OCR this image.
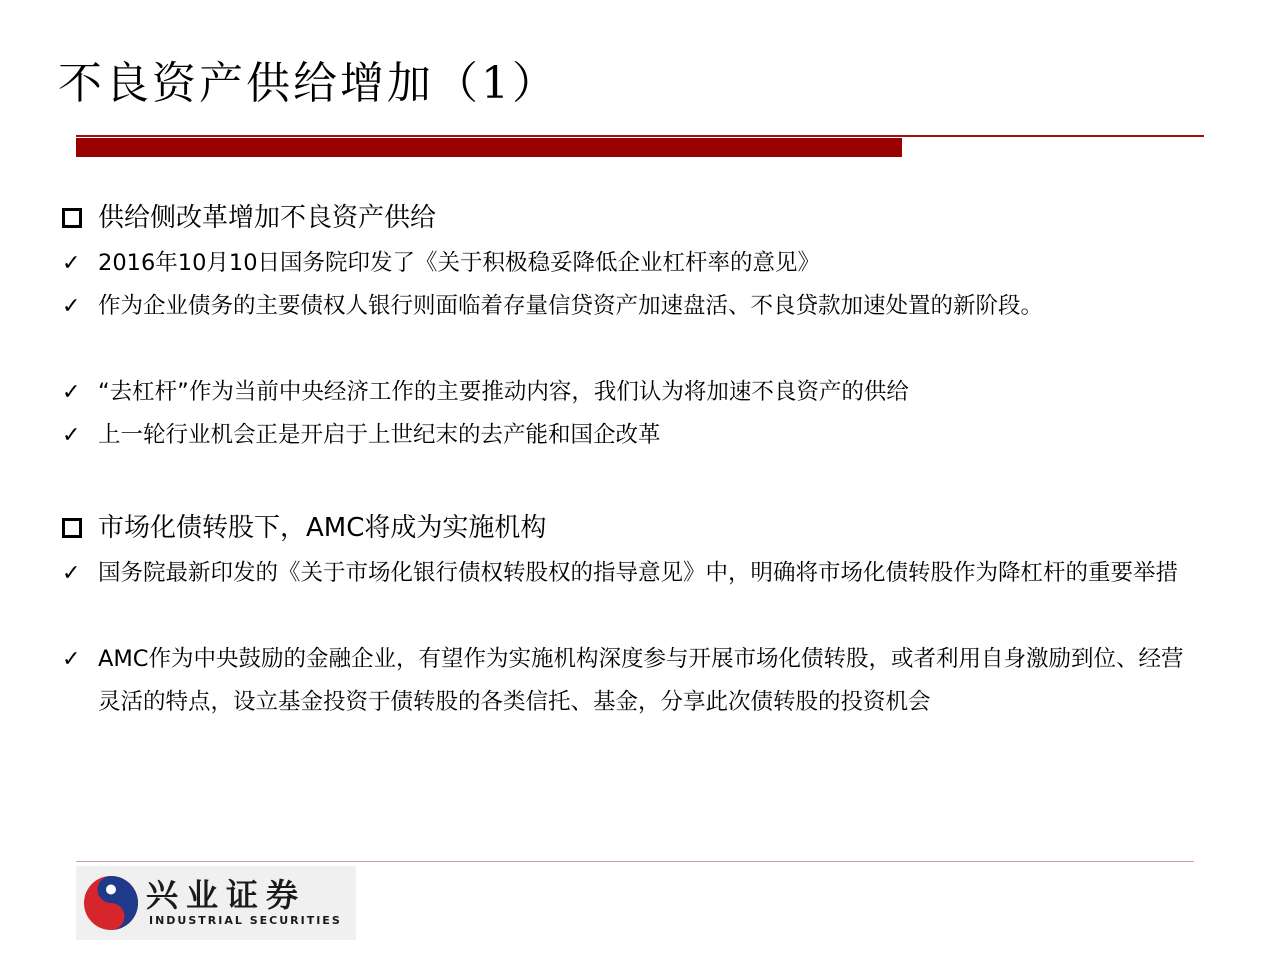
不良资产供给增加（1）
供给侧改革增加不良资产供给
✓ 2016年10月10日国务院印发了《关于积极稳妥降低企业杠杆率的意见》
✓ 作为企业债务的主要债权人银行则面临着存量信贷资产加速盘活、不良贷款加速处置的新阶段。
✓ “去杠杆”作为当前中央经济工作的主要推动内容，我们认为将加速不良资产的供给
✓ 上一轮行业机会正是开启于上世纪末的去产能和国企改革
市场化债转股下，AMC将成为实施机构
✓ 国务院最新印发的《关于市场化银行债权转股权的指导意见》中，明确将市场化债转股作为降杠杆的重要举措
✓ AMC作为中央鼓励的金融企业，有望作为实施机构深度参与开展市场化债转股，或者利用自身激励到位、经营灵活的特点，设立基金投资于债转股的各类信托、基金，分享此次债转股的投资机会
兴业证券
INDUSTRIAL SECURITIES
